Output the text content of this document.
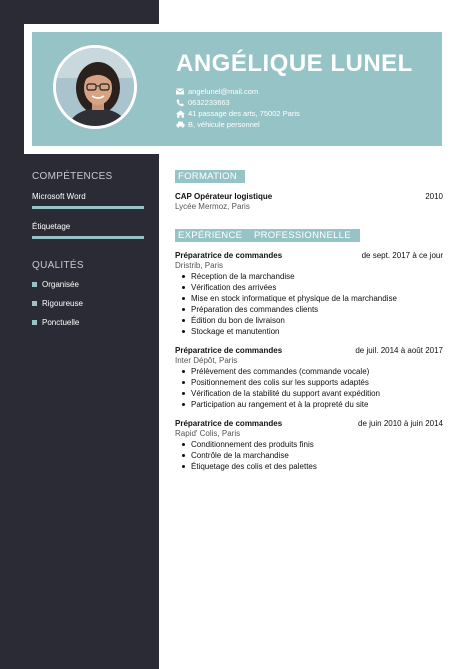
ANGÉLIQUE LUNEL
angelunel@mail.com
0632233663
41 passage des arts, 75002 Paris
B, véhicule personnel
COMPÉTENCES
Microsoft Word
Étiquetage
QUALITÉS
Organisée
Rigoureuse
Ponctuelle
FORMATION
CAP Opérateur logistique	2010
Lycée Mermoz, Paris
EXPÉRIENCE    PROFESSIONNELLE
Préparatrice de commandes	de sept. 2017 à ce jour
Dristrib, Paris
Réception de la marchandise
Vérification des arrivées
Mise en stock informatique et physique de la marchandise
Préparation des commandes clients
Édition du bon de livraison
Stockage et manutention
Préparatrice de commandes	de juil. 2014 à août 2017
Inter Dépôt, Paris
Prélèvement des commandes (commande vocale)
Positionnement des colis sur les supports adaptés
Vérification de la stabilité du support avant expédition
Participation au rangement et à la propreté du site
Préparatrice de commandes	de juin 2010 à juin 2014
Rapid' Colis, Paris
Conditionnement des produits finis
Contrôle de la marchandise
Étiquetage des colis et des palettes
